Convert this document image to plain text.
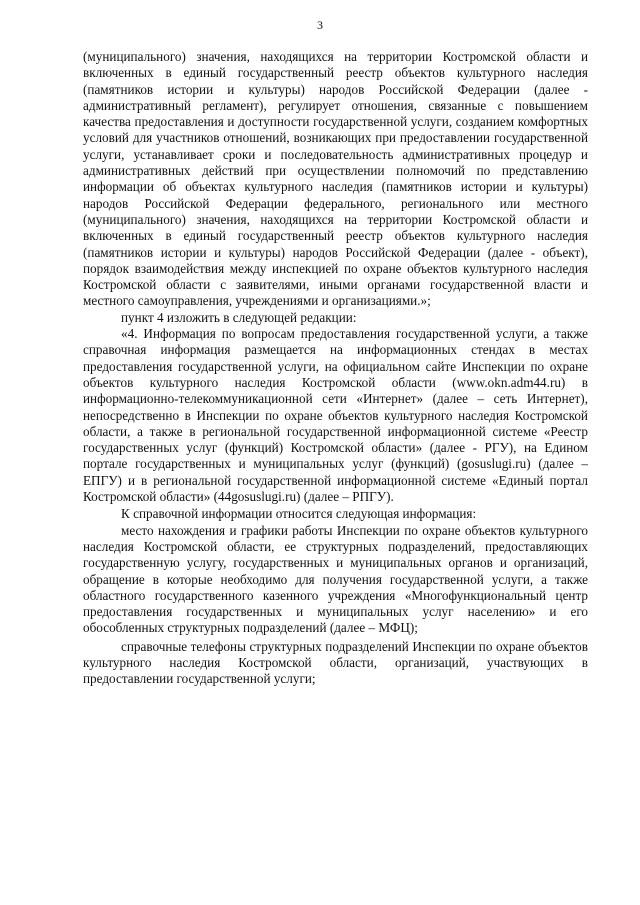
3

(муниципального) значения, находящихся на территории Костромской области и включенных в единый государственный реестр объектов культурного наследия (памятников истории и культуры) народов Российской Федерации (далее - административный регламент), регулирует отношения, связанные с повышением качества предоставления и доступности государственной услуги, созданием комфортных условий для участников отношений, возникающих при предоставлении государственной услуги, устанавливает сроки и последовательность административных процедур и административных действий при осуществлении полномочий по представлению информации об объектах культурного наследия (памятников истории и культуры) народов Российской Федерации федерального, регионального или местного (муниципального) значения, находящихся на территории Костромской области и включенных в единый государственный реестр объектов культурного наследия (памятников истории и культуры) народов Российской Федерации (далее - объект), порядок взаимодействия между инспекцией по охране объектов культурного наследия Костромской области с заявителями, иными органами государственной власти и местного самоуправления, учреждениями и организациями.»;

пункт 4 изложить в следующей редакции:

«4. Информация по вопросам предоставления государственной услуги, а также справочная информация размещается на информационных стендах в местах предоставления государственной услуги, на официальном сайте Инспекции по охране объектов культурного наследия Костромской области (www.okn.adm44.ru) в информационно-телекоммуникационной сети «Интернет» (далее – сеть Интернет), непосредственно в Инспекции по охране объектов культурного наследия Костромской области, а также в региональной государственной информационной системе «Реестр государственных услуг (функций) Костромской области» (далее - РГУ), на Едином портале государственных и муниципальных услуг (функций) (gosuslugi.ru) (далее – ЕПГУ) и в региональной государственной информационной системе «Единый портал Костромской области» (44gosuslugi.ru) (далее – РПГУ).

К справочной информации относится следующая информация:

место нахождения и графики работы Инспекции по охране объектов культурного наследия Костромской области, ее структурных подразделений, предоставляющих государственную услугу, государственных и муниципальных органов и организаций, обращение в которые необходимо для получения государственной услуги, а также областного государственного казенного учреждения «Многофункциональный центр предоставления государственных и муниципальных услуг населению» и его обособленных структурных подразделений (далее – МФЦ);

справочные телефоны структурных подразделений Инспекции по охране объектов культурного наследия Костромской области, организаций, участвующих в предоставлении государственной услуги;
